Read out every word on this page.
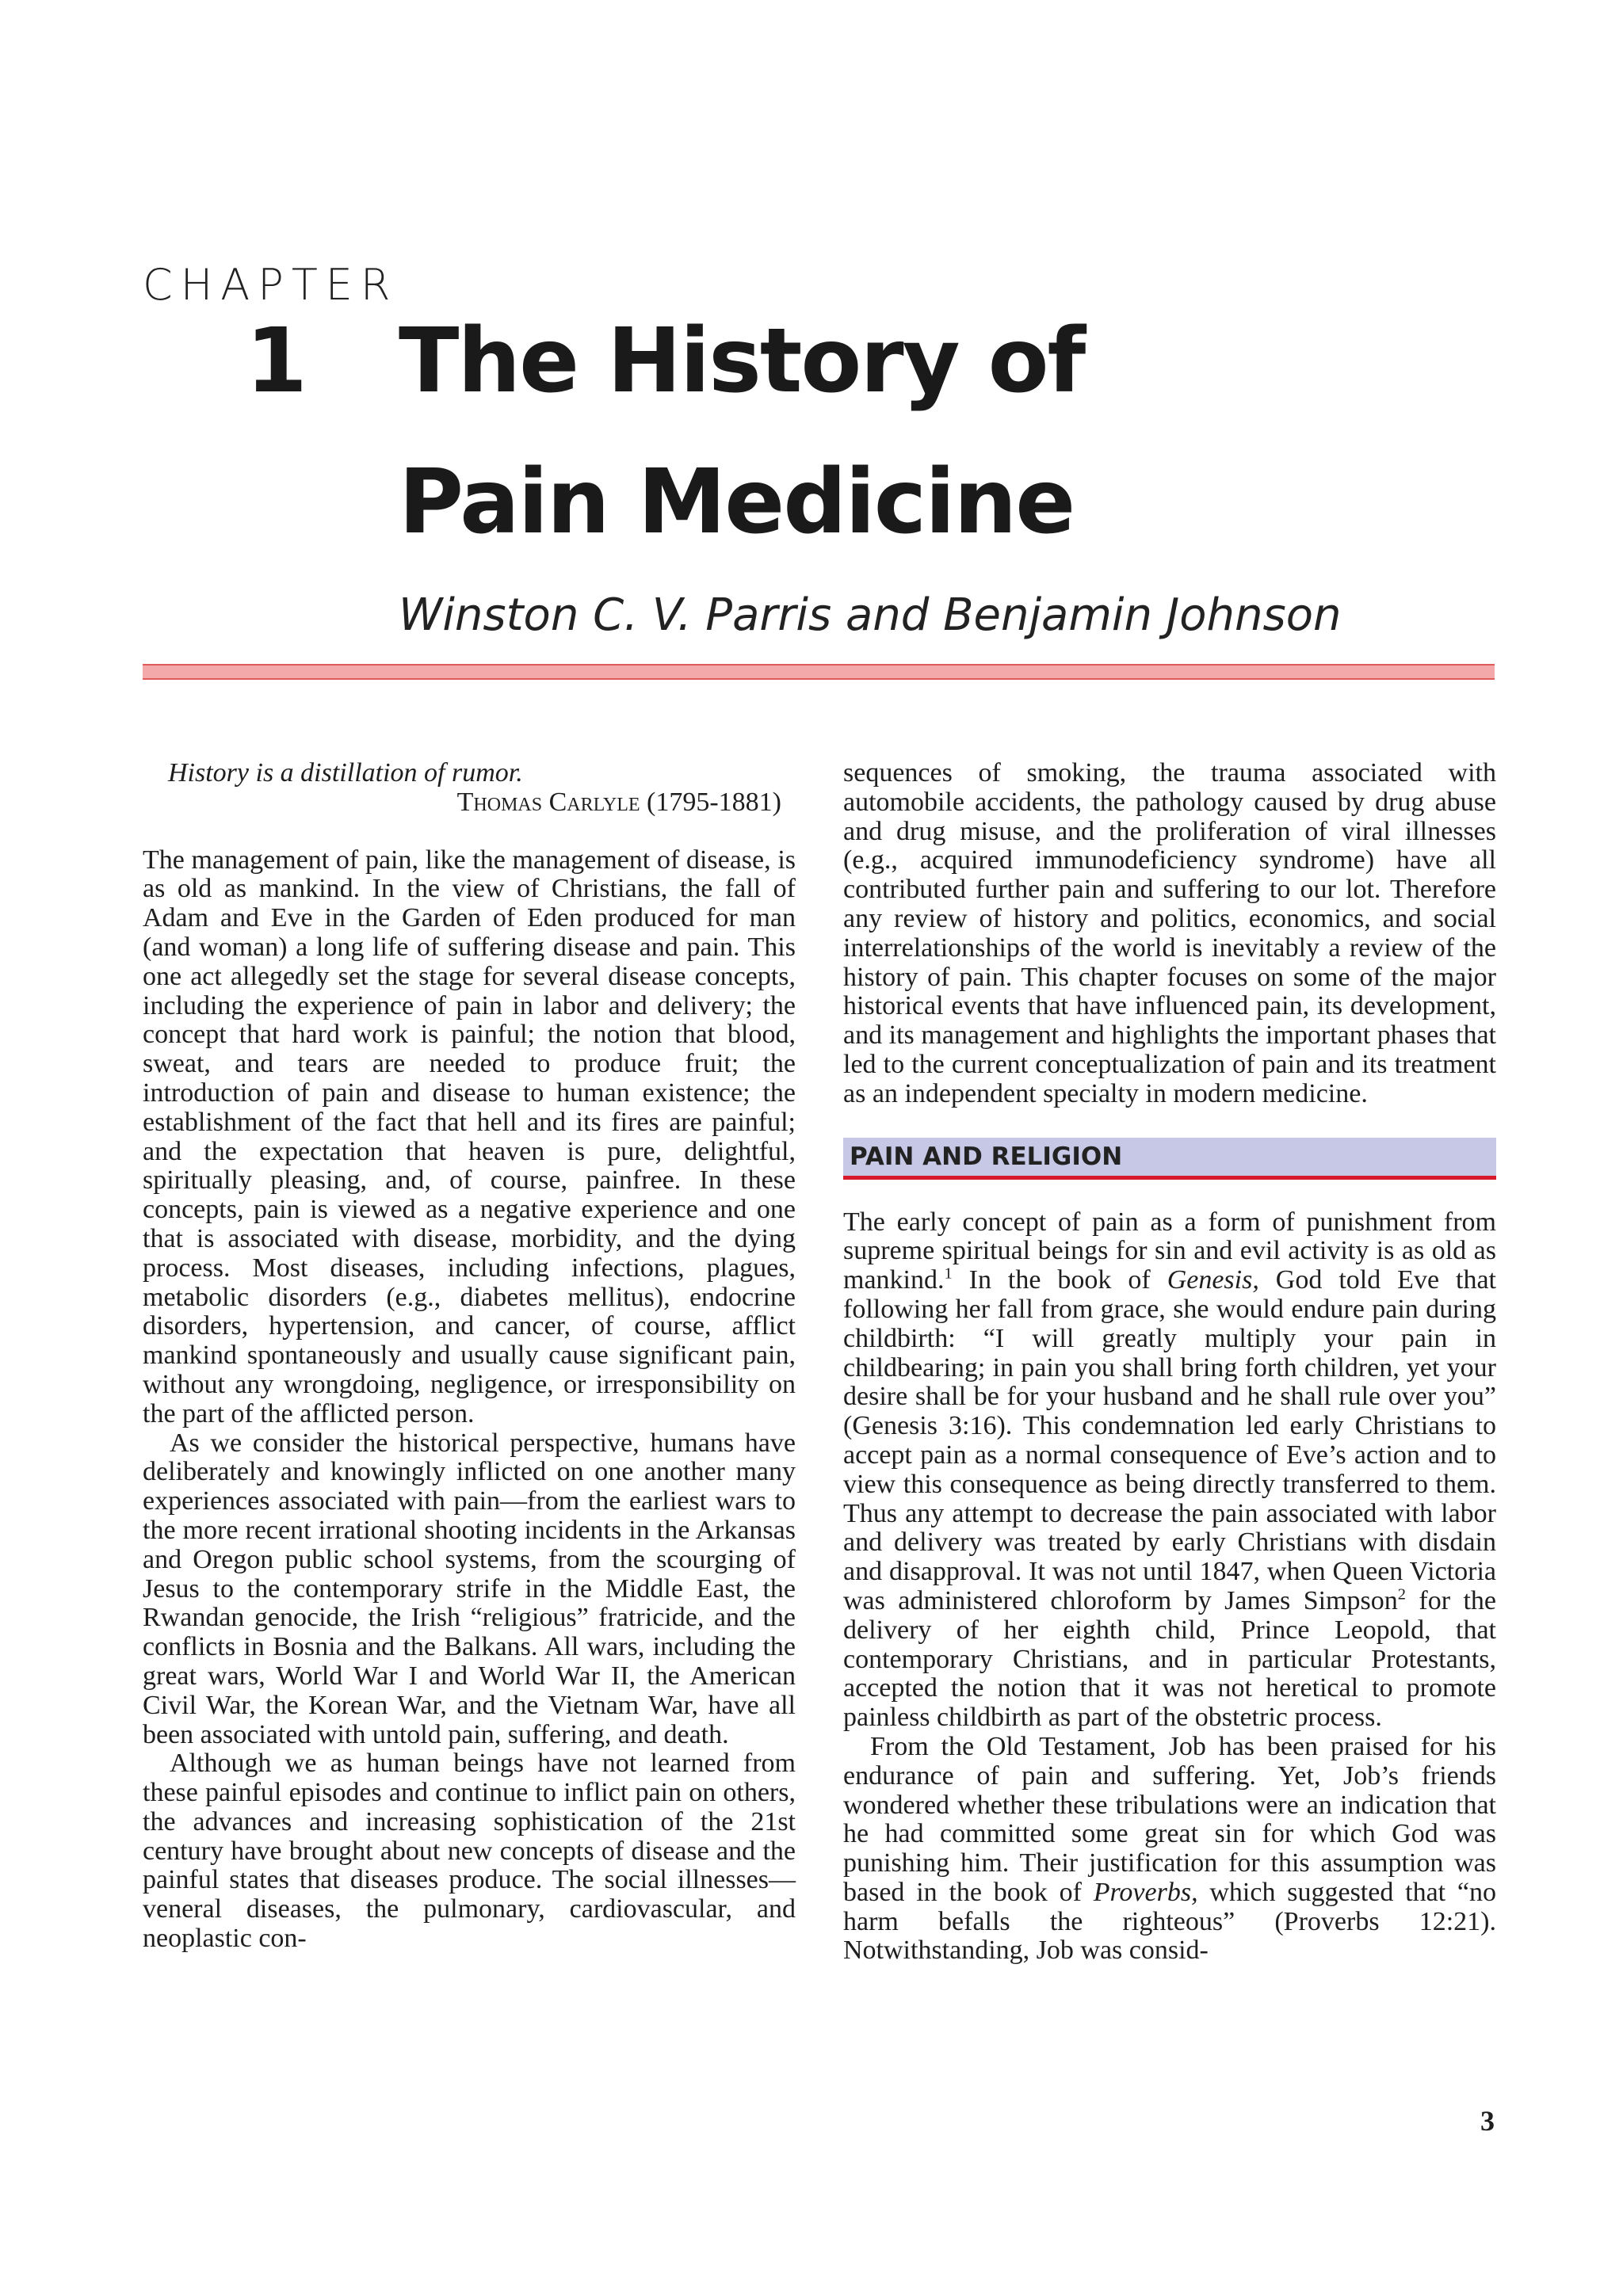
CHAPTER
1 The History of
Pain Medicine
Winston C. V. Parris and Benjamin Johnson

History is a distillation of rumor.

Thomas Carlyle (1795-1881)

The management of pain, like the management of disease, is as old as mankind. In the view of Christians, the fall of Adam and Eve in the Garden of Eden produced for man (and woman) a long life of suffering disease and pain. This one act allegedly set the stage for several disease concepts, including the experience of pain in labor and delivery; the concept that hard work is painful; the notion that blood, sweat, and tears are needed to produce fruit; the introduction of pain and disease to human existence; the establishment of the fact that hell and its fires are painful; and the expectation that heaven is pure, delightful, spiritually pleasing, and, of course, painfree. In these concepts, pain is viewed as a negative experience and one that is associated with disease, morbidity, and the dying process. Most diseases, including infections, plagues, metabolic disorders (e.g., diabetes mellitus), endocrine disorders, hypertension, and cancer, of course, afflict mankind spontaneously and usually cause significant pain, without any wrongdoing, negligence, or irresponsibility on the part of the afflicted person.

As we consider the historical perspective, humans have deliberately and knowingly inflicted on one another many experiences associated with pain—from the earliest wars to the more recent irrational shooting incidents in the Arkansas and Oregon public school systems, from the scourging of Jesus to the contemporary strife in the Middle East, the Rwandan genocide, the Irish “religious” fratricide, and the conflicts in Bosnia and the Balkans. All wars, including the great wars, World War I and World War II, the American Civil War, the Korean War, and the Vietnam War, have all been associated with untold pain, suffering, and death.

Although we as human beings have not learned from these painful episodes and continue to inflict pain on others, the advances and increasing sophistication of the 21st century have brought about new concepts of disease and the painful states that diseases produce. The social illnesses—veneral diseases, the pulmonary, cardiovascular, and neoplastic con-

sequences of smoking, the trauma associated with automobile accidents, the pathology caused by drug abuse and drug misuse, and the proliferation of viral illnesses (e.g., acquired immunodeficiency syndrome) have all contributed further pain and suffering to our lot. Therefore any review of history and politics, economics, and social interrelationships of the world is inevitably a review of the history of pain. This chapter focuses on some of the major historical events that have influenced pain, its development, and its management and highlights the important phases that led to the current conceptualization of pain and its treatment as an independent specialty in modern medicine.

PAIN AND RELIGION

The early concept of pain as a form of punishment from supreme spiritual beings for sin and evil activity is as old as mankind.$^1$ In the book of Genesis, God told Eve that following her fall from grace, she would endure pain during childbirth: “I will greatly multiply your pain in childbearing; in pain you shall bring forth children, yet your desire shall be for your husband and he shall rule over you” (Genesis 3:16). This condemnation led early Christians to accept pain as a normal consequence of Eve’s action and to view this consequence as being directly transferred to them. Thus any attempt to decrease the pain associated with labor and delivery was treated by early Christians with disdain and disapproval. It was not until 1847, when Queen Victoria was administered chloroform by James Simpson$^2$ for the delivery of her eighth child, Prince Leopold, that contemporary Christians, and in particular Protestants, accepted the notion that it was not heretical to promote painless childbirth as part of the obstetric process.

From the Old Testament, Job has been praised for his endurance of pain and suffering. Yet, Job’s friends wondered whether these tribulations were an indication that he had committed some great sin for which God was punishing him. Their justification for this assumption was based in the book of Proverbs, which suggested that “no harm befalls the righteous” (Proverbs 12:21). Notwithstanding, Job was consid-

3
